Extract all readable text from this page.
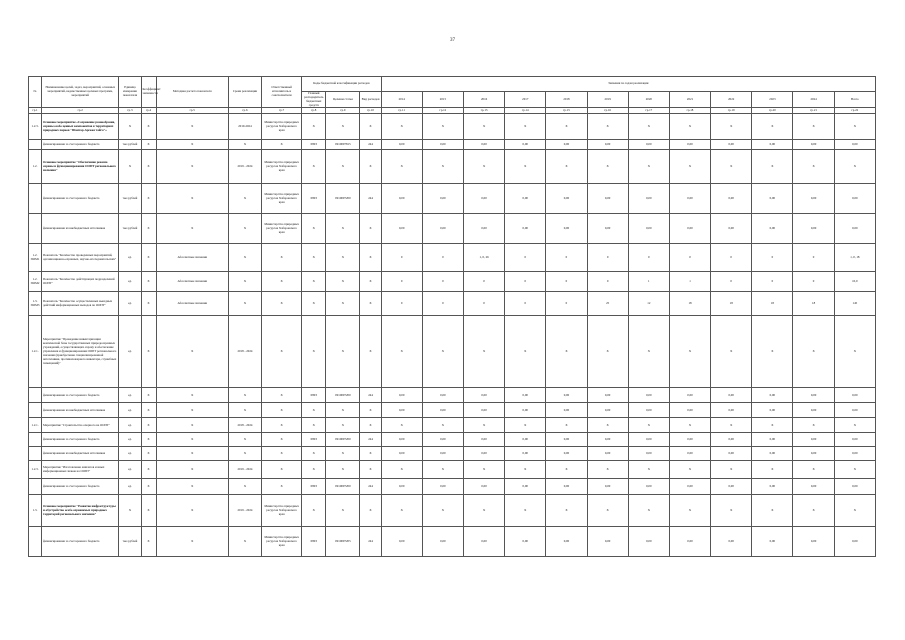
37
№	Наименование целей, задач, мероприятий, основных мероприятий, ведомственных целевых программ, мероприятий	Единица измерения показателя	Коэффициент значимости	Методика расчета показателя	Сроки реализации	Ответственный исполнитель и соисполнители	Коды бюджетной классификации расходов			Значения по годам реализации											
							Главный распорядитель бюджетных средств	Целевая статья	Вид расходов	2014	2015	2016	2017	2018	2019	2020	2021	2022	2023	2024	Всего
гр.1	гр.2	гр.3	гр.4	гр.5	гр.6	гр.7	гр.8	гр.9	гр.10	гр.11	гр.12	гр.13	гр.14	гр.15	гр.16	гр.17	гр.18	гр.19	гр.20	гр.21	гр.22
1.2.3.	Основное мероприятие «Сохранение разнообразия, охраны особо ценных компонентов в территориях природных парков "Шантар-Арская тайга"»	Х	Х	Х	2019-2024	Министерство природных ресурсов Хабаровского края	Х	Х	Х	Х	Х	Х	Х	Х	Х	Х	Х	Х	Х	Х	Х
	финансирование за счет краевого бюджета	тыс.рублей	Х	Х	Х	Х	0803	0910097815	244	0,00	0,00	0,00	0,00	0,00	0,00	0,00	0,00	0,00	0,00	0,00	0,00
1.2.	Основное мероприятие "Обеспечение режима охраны и функционирования ООПТ регионального значения"	Х	Х	Х	2019 - 2024	Министерство природных ресурсов Хабаровского края	Х	Х	Х	Х	Х	Х	Х	Х	Х	Х	Х	Х	Х	Х	Х
	финансирование за счет краевого бюджета	тыс.рублей	Х	Х	Х	Министерство природных ресурсов Хабаровского края	0803	0910097200	244	0,00	0,00	0,00	0,00	0,00	0,00	0,00	0,00	0,00	0,00	0,00	0,00
	финансирование из внебюджетных источников	тыс.рублей	Х	Х	Х	Министерство природных ресурсов Хабаровского края	Х	Х	Х	0,00	0,00	0,00	0,00	0,00	0,00	0,00	0,00	0,00	0,00	0,00	0,00
1.2. ПОМ1	Показатель "Количество проведенных мероприятий, организационно-охранных, научно-исследовательских"	ед.	Х	Абсолютные значения	Х	Х	Х	Х	Х	0	0	1, 0, 26	0	0	0	0	0	0	0	0	1, 0, 18
1.2. ПОМ2	Показатель "Количество действующих подразделений ООПТ"	ед.	Х	Абсолютные значения	Х	Х	Х	Х	Х	0	0	0	0	0	0	1	1	0	0	0	10,0
1.3. ПОМ3	Показатель "Количество осуществленных выездных действий информационных выходов по ООПТ"	ед.	Х	Абсолютные значения	Х	Х	Х	Х	Х	0	0	0	0	0	25	12	18	18	18	18	145
1.2.1.	Мероприятие "Проведение инвентаризации комплексной базы государственных природоохранных учреждений, осуществляющих охрану и обеспечение управления и функционирования ООПТ регионального значения (приобретение специализированной автотехники, противопожарного инвентаря, служебных помещений)"	ед.	Х	Х	2018 - 2024	Х	Х	Х	Х	Х	Х	Х	Х	Х	Х	Х	Х	Х	Х	Х	Х
	финансирование за счет краевого бюджета	ед.	Х	Х	Х	Х	0803	0910097200	244	0,00	0,00	0,00	0,00	0,00	0,00	0,00	0,00	0,00	0,00	0,00	0,00
	финансирование из внебюджетных источников	ед.	Х	Х	Х	Х	Х	Х	Х	0,00	0,00	0,00	0,00	0,00	0,00	0,00	0,00	0,00	0,00	0,00	0,00
1.2.1.	Мероприятие "Строительство опорного на ООПТ"	ед.	Х	Х	2018 - 2024	Х	Х	Х	Х	Х	Х	Х	Х	Х	Х	Х	Х	Х	Х	Х	Х
	финансирование за счет краевого бюджета	ед.	Х	Х	Х	Х	0803	0910097200	244	0,00	0,00	0,00	0,00	0,00	0,00	0,00	0,00	0,00	0,00	0,00	0,00
	финансирование из внебюджетных источников	ед.	Х	Х	Х	Х	Х	Х	Х	0,00	0,00	0,00	0,00	0,00	0,00	0,00	0,00	0,00	0,00	0,00	0,00
1.2.3.	Мероприятие "Изготовление аншлагов и иных информационных знаков на ООПТ"	ед.	Х	Х	2019 - 2024	Х	Х	Х	Х	Х	Х	Х	Х	Х	Х	Х	Х	Х	Х	Х	Х
	финансирование за счет краевого бюджета	ед.	Х	Х	Х	Х	0803	0910097200	244	0,00	0,00	0,00	0,00	0,00	0,00	0,00	0,00	0,00	0,00	0,00	0,00
1.3.	Основное мероприятие "Развитие инфраструктуры и обустройство особо охраняемых природных территорий регионального значения"	Х	Х	Х	2019 - 2024	Министерство природных ресурсов Хабаровского края	Х	Х	Х	Х	Х	Х	Х	Х	Х	Х	Х	Х	Х	Х	Х
	финансирование за счет краевого бюджета	тыс.рублей	Х	Х	Х	Министерство природных ресурсов Хабаровского края	0803	0910097205	244	0,00	0,00	0,00	0,00	0,00	0,00	0,00	0,00	0,00	0,00	0,00	0,00
